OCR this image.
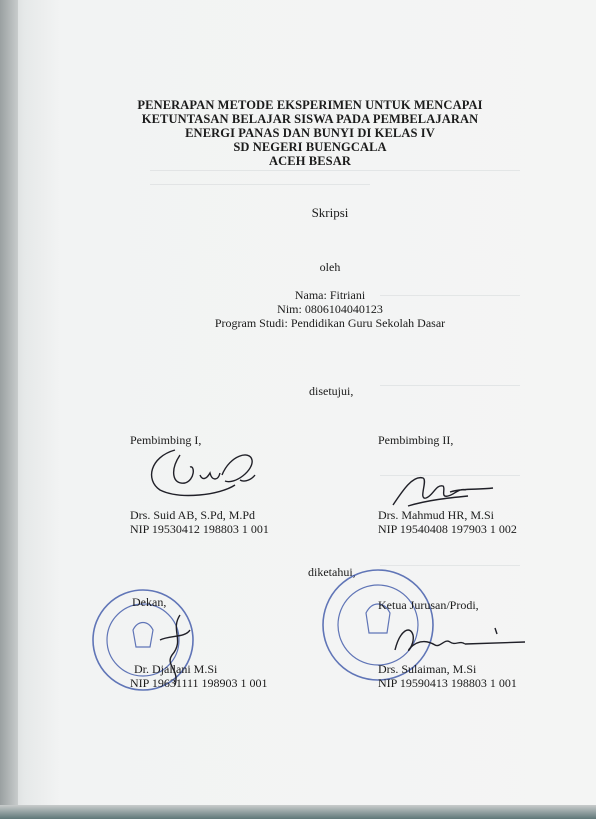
PENERAPAN METODE EKSPERIMEN UNTUK MENCAPAI
KETUNTASAN BELAJAR SISWA PADA PEMBELAJARAN
ENERGI PANAS DAN BUNYI DI KELAS IV
SD NEGERI BUENGCALA
ACEH BESAR
Skripsi
oleh
Nama: Fitriani
Nim: 0806104040123
Program Studi: Pendidikan Guru Sekolah Dasar
disetujui,
Pembimbing I,
Drs. Suid AB, S.Pd, M.Pd
NIP 19530412 198803 1 001
Pembimbing II,
Drs. Mahmud HR, M.Si
NIP 19540408 197903 1 002
diketahui,
Dekan,
Dr. Djailani M.Si
NIP 19631111 198903 1 001
Ketua Jurusan/Prodi,
Drs. Sulaiman, M.Si
NIP 19590413 198803 1 001
